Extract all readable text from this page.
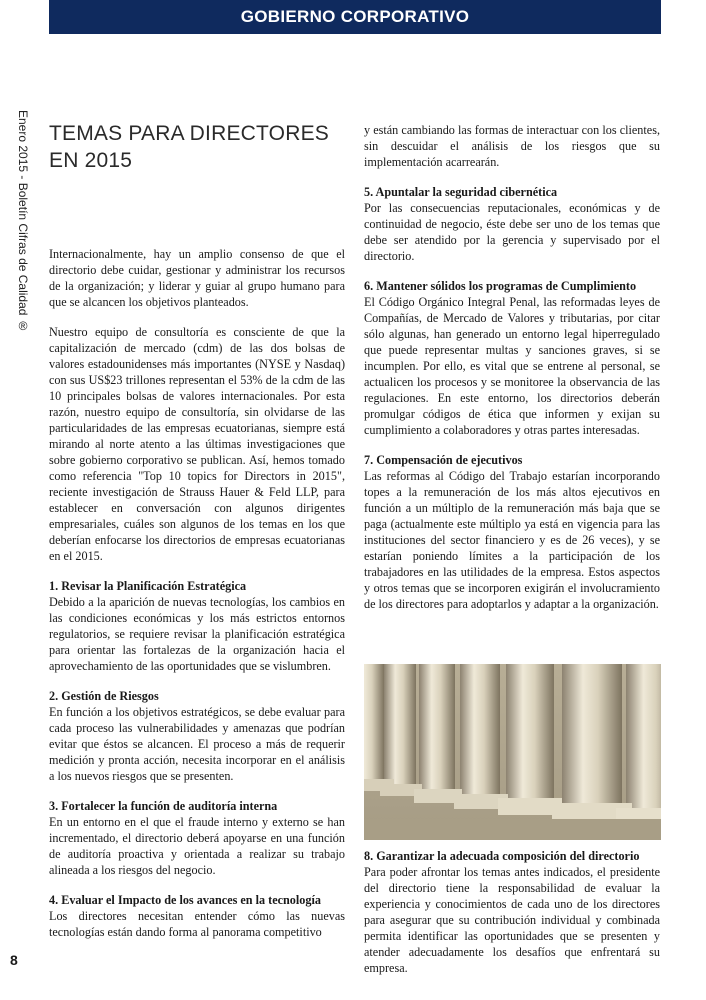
GOBIERNO CORPORATIVO
Enero 2015 - Boletín Cifras de Calidad ®
8
TEMAS PARA DIRECTORES EN 2015

Internacionalmente, hay un amplio consenso de que el directorio debe cuidar, gestionar y administrar los recursos de la organización; y liderar y guiar al grupo humano para que se alcancen los objetivos planteados.

Nuestro equipo de consultoría es consciente de que la capitalización de mercado (cdm) de las dos bolsas de valores estadounidenses más importantes (NYSE y Nasdaq) con sus US$23 trillones representan el 53% de la cdm de las 10 principales bolsas de valores internacionales. Por esta razón, nuestro equipo de consultoría, sin olvidarse de las particularidades de las empresas ecuatorianas, siempre está mirando al norte atento a las últimas investigaciones que sobre gobierno corporativo se publican. Así, hemos tomado como referencia "Top 10 topics for Directors in 2015", reciente investigación de Strauss Hauer & Feld LLP, para establecer en conversación con algunos dirigentes empresariales, cuáles son algunos de los temas en los que deberían enfocarse los directorios de empresas ecuatorianas en el 2015.

1. Revisar la Planificación Estratégica
Debido a la aparición de nuevas tecnologías, los cambios en las condiciones económicas y los más estrictos entornos regulatorios, se requiere revisar la planificación estratégica para orientar las fortalezas de la organización hacia el aprovechamiento de las oportunidades que se vislumbren.
2. Gestión de Riesgos
En función a los objetivos estratégicos, se debe evaluar para cada proceso las vulnerabilidades y amenazas que podrían evitar que éstos se alcancen. El proceso a más de requerir medición y pronta acción, necesita incorporar en el análisis a los nuevos riesgos que se presenten.
3. Fortalecer la función de auditoría interna
En un entorno en el que el fraude interno y externo se han incrementado, el directorio deberá apoyarse en una función de auditoría proactiva y orientada a realizar su trabajo alineada a los riesgos del negocio.
4. Evaluar el Impacto de los avances en la tecnología
Los directores necesitan entender cómo las nuevas tecnologías están dando forma al panorama competitivo
y están cambiando las formas de interactuar con los clientes, sin descuidar el análisis de los riesgos que su implementación acarrearán.
5. Apuntalar la seguridad cibernética
Por las consecuencias reputacionales, económicas y de continuidad de negocio, éste debe ser uno de los temas que debe ser atendido por la gerencia y supervisado por el directorio.
6. Mantener sólidos los programas de Cumplimiento
El Código Orgánico Integral Penal, las reformadas leyes de Compañías, de Mercado de Valores y tributarias, por citar sólo algunas, han generado un entorno legal hiperregulado que puede representar multas y sanciones graves, si se incumplen. Por ello, es vital que se entrene al personal, se actualicen los procesos y se monitoree la observancia de las regulaciones. En este entorno, los directorios deberán promulgar códigos de ética que informen y exijan su cumplimiento a colaboradores y otras partes interesadas.
7. Compensación de ejecutivos
Las reformas al Código del Trabajo estarían incorporando topes a la remuneración de los más altos ejecutivos en función a un múltiplo de la remuneración más baja que se paga (actualmente este múltiplo ya está en vigencia para las instituciones del sector financiero y es de 26 veces), y se estarían poniendo límites a la participación de los trabajadores en las utilidades de la empresa. Estos aspectos y otros temas que se incorporen exigirán el involucramiento de los directores para adoptarlos y adaptar a la organización.
8. Garantizar la adecuada composición del directorio
Para poder afrontar los temas antes indicados, el presidente del directorio tiene la responsabilidad de evaluar la experiencia y conocimientos de cada uno de los directores para asegurar que su contribución individual y combinada permita identificar las oportunidades que se presenten y atender adecuadamente los desafíos que enfrentará su empresa.
